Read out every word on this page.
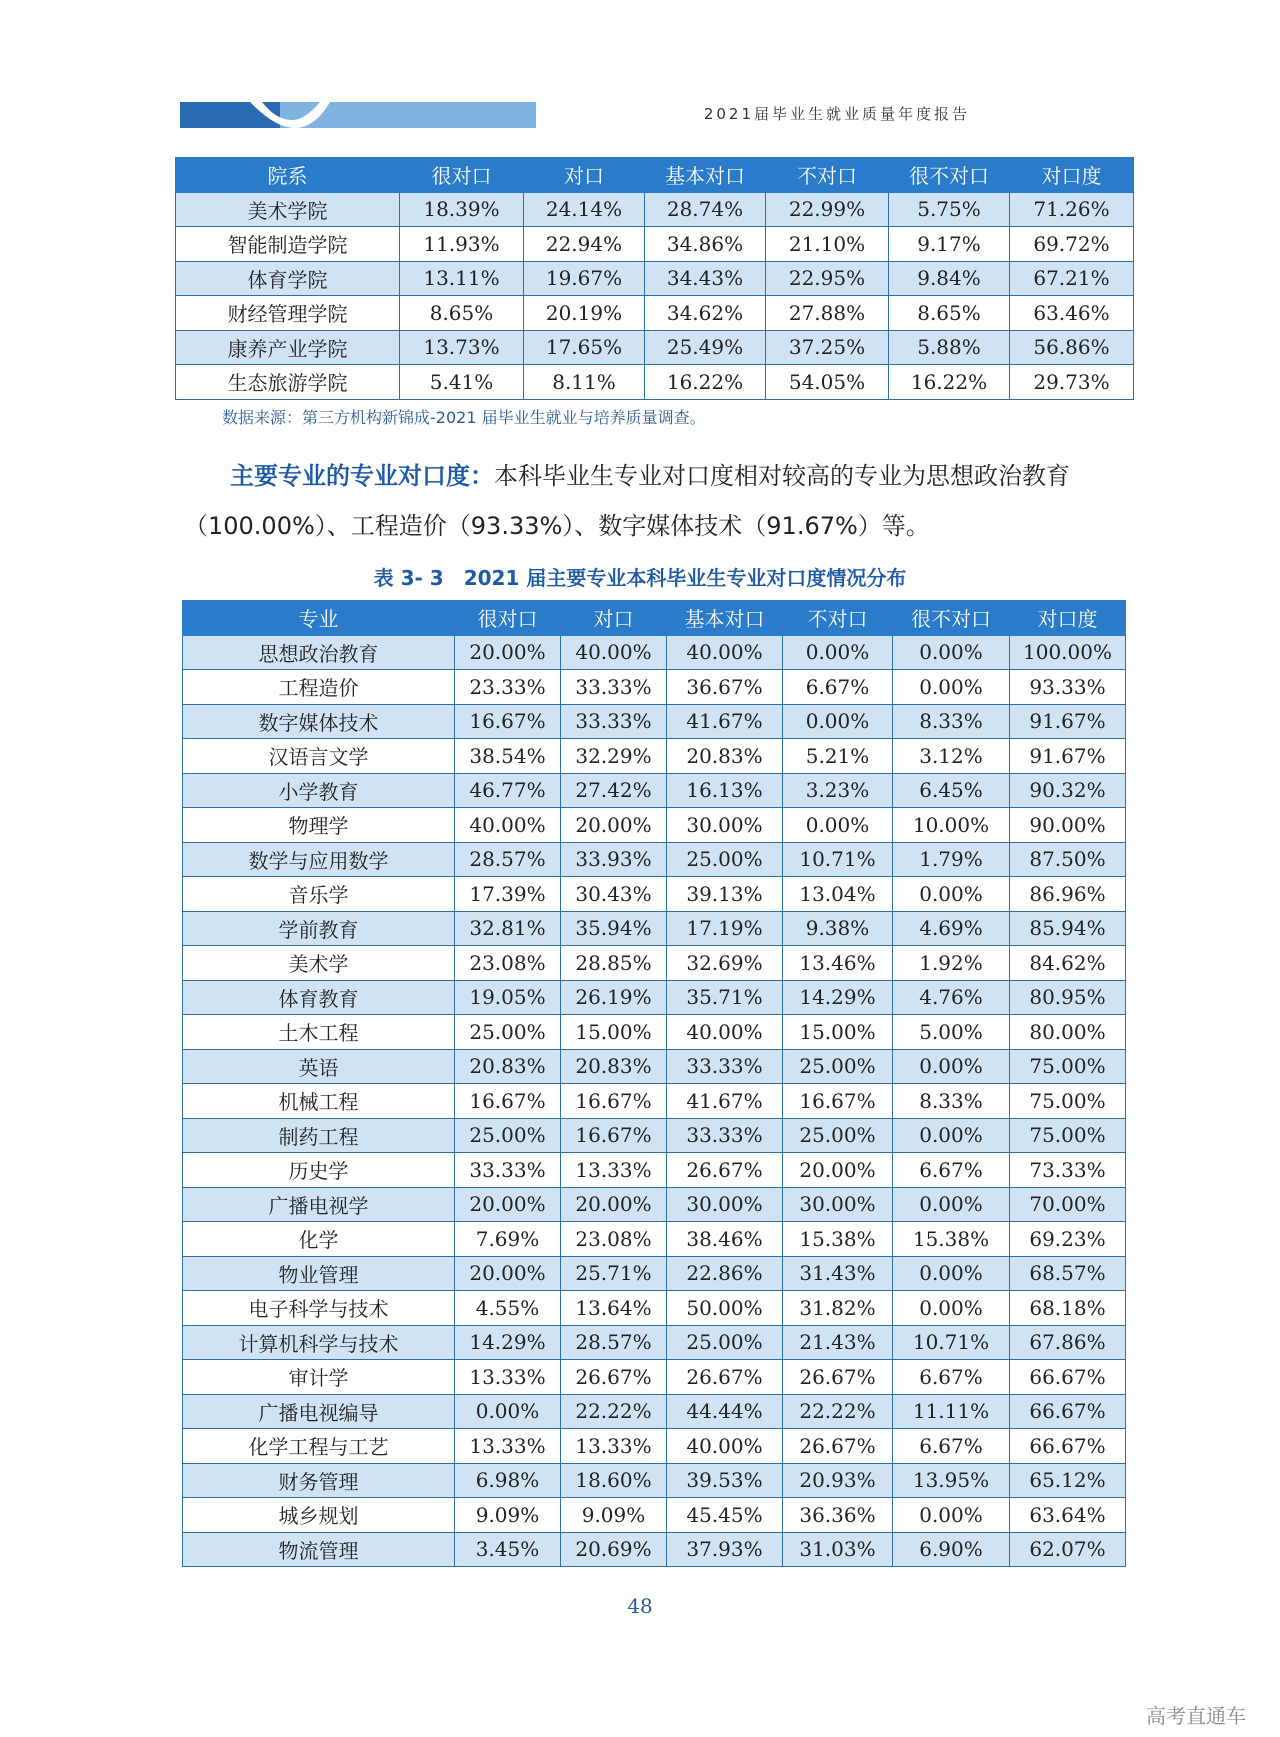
2021届毕业生就业质量年度报告
院系	很对口	对口	基本对口	不对口	很不对口	对口度
美术学院	18.39%	24.14%	28.74%	22.99%	5.75%	71.26%
智能制造学院	11.93%	22.94%	34.86%	21.10%	9.17%	69.72%
体育学院	13.11%	19.67%	34.43%	22.95%	9.84%	67.21%
财经管理学院	8.65%	20.19%	34.62%	27.88%	8.65%	63.46%
康养产业学院	13.73%	17.65%	25.49%	37.25%	5.88%	56.86%
生态旅游学院	5.41%	8.11%	16.22%	54.05%	16.22%	29.73%
数据来源：第三方机构新锦成-2021 届毕业生就业与培养质量调查。
主要专业的专业对口度：本科毕业生专业对口度相对较高的专业为思想政治教育（100.00%）、工程造价（93.33%）、数字媒体技术（91.67%）等。
表 3- 3　2021 届主要专业本科毕业生专业对口度情况分布
专业	很对口	对口	基本对口	不对口	很不对口	对口度
思想政治教育	20.00%	40.00%	40.00%	0.00%	0.00%	100.00%
工程造价	23.33%	33.33%	36.67%	6.67%	0.00%	93.33%
数字媒体技术	16.67%	33.33%	41.67%	0.00%	8.33%	91.67%
汉语言文学	38.54%	32.29%	20.83%	5.21%	3.12%	91.67%
小学教育	46.77%	27.42%	16.13%	3.23%	6.45%	90.32%
物理学	40.00%	20.00%	30.00%	0.00%	10.00%	90.00%
数学与应用数学	28.57%	33.93%	25.00%	10.71%	1.79%	87.50%
音乐学	17.39%	30.43%	39.13%	13.04%	0.00%	86.96%
学前教育	32.81%	35.94%	17.19%	9.38%	4.69%	85.94%
美术学	23.08%	28.85%	32.69%	13.46%	1.92%	84.62%
体育教育	19.05%	26.19%	35.71%	14.29%	4.76%	80.95%
土木工程	25.00%	15.00%	40.00%	15.00%	5.00%	80.00%
英语	20.83%	20.83%	33.33%	25.00%	0.00%	75.00%
机械工程	16.67%	16.67%	41.67%	16.67%	8.33%	75.00%
制药工程	25.00%	16.67%	33.33%	25.00%	0.00%	75.00%
历史学	33.33%	13.33%	26.67%	20.00%	6.67%	73.33%
广播电视学	20.00%	20.00%	30.00%	30.00%	0.00%	70.00%
化学	7.69%	23.08%	38.46%	15.38%	15.38%	69.23%
物业管理	20.00%	25.71%	22.86%	31.43%	0.00%	68.57%
电子科学与技术	4.55%	13.64%	50.00%	31.82%	0.00%	68.18%
计算机科学与技术	14.29%	28.57%	25.00%	21.43%	10.71%	67.86%
审计学	13.33%	26.67%	26.67%	26.67%	6.67%	66.67%
广播电视编导	0.00%	22.22%	44.44%	22.22%	11.11%	66.67%
化学工程与工艺	13.33%	13.33%	40.00%	26.67%	6.67%	66.67%
财务管理	6.98%	18.60%	39.53%	20.93%	13.95%	65.12%
城乡规划	9.09%	9.09%	45.45%	36.36%	0.00%	63.64%
物流管理	3.45%	20.69%	37.93%	31.03%	6.90%	62.07%
48
高考直通车
